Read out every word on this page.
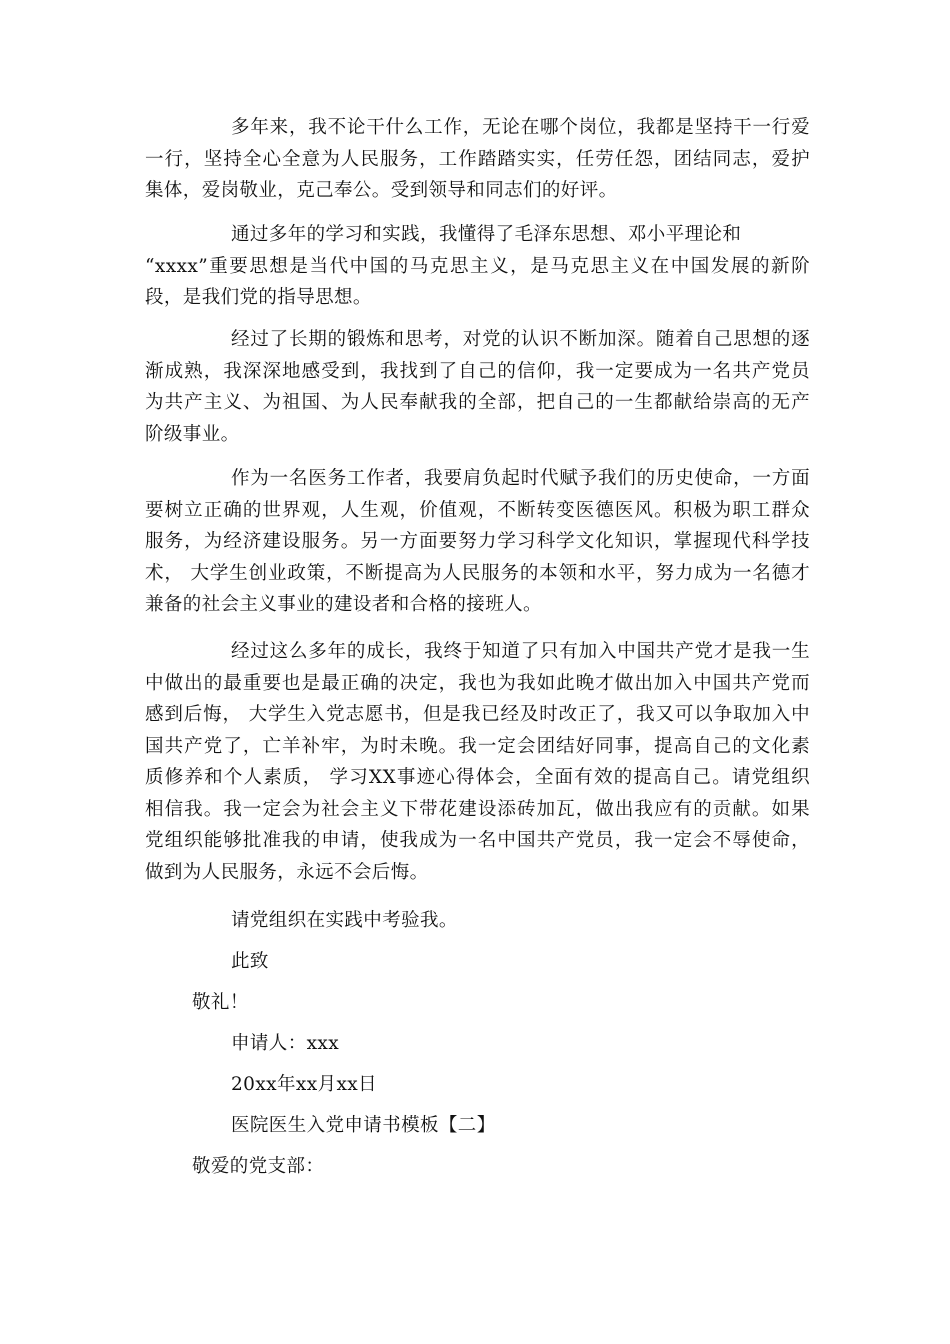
多年来，我不论干什么工作，无论在哪个岗位，我都是坚持干一行爱
一行，坚持全心全意为人民服务，工作踏踏实实，任劳任怨，团结同志，爱护
集体，爱岗敬业，克己奉公。受到领导和同志们的好评。

通过多年的学习和实践，我懂得了毛泽东思想、邓小平理论和
“xxxx”重要思想是当代中国的马克思主义，是马克思主义在中国发展的新阶
段，是我们党的指导思想。

经过了长期的锻炼和思考，对党的认识不断加深。随着自己思想的逐
渐成熟，我深深地感受到，我找到了自己的信仰，我一定要成为一名共产党员
为共产主义、为祖国、为人民奉献我的全部，把自己的一生都献给崇高的无产
阶级事业。

作为一名医务工作者，我要肩负起时代赋予我们的历史使命，一方面
要树立正确的世界观，人生观，价值观，不断转变医德医风。积极为职工群众
服务，为经济建设服务。另一方面要努力学习科学文化知识，掌握现代科学技
术， 大学生创业政策，不断提高为人民服务的本领和水平，努力成为一名德才
兼备的社会主义事业的建设者和合格的接班人。

经过这么多年的成长，我终于知道了只有加入中国共产党才是我一生
中做出的最重要也是最正确的决定，我也为我如此晚才做出加入中国共产党而
感到后悔， 大学生入党志愿书，但是我已经及时改正了，我又可以争取加入中
国共产党了，亡羊补牢，为时未晚。我一定会团结好同事，提高自己的文化素
质修养和个人素质， 学习XX事迹心得体会，全面有效的提高自己。请党组织
相信我。我一定会为社会主义下带花建设添砖加瓦，做出我应有的贡献。如果
党组织能够批准我的申请，使我成为一名中国共产党员，我一定会不辱使命，
做到为人民服务，永远不会后悔。

请党组织在实践中考验我。

此致

敬礼！

申请人：xxx

20xx年xx月xx日

医院医生入党申请书模板【二】

敬爱的党支部：
